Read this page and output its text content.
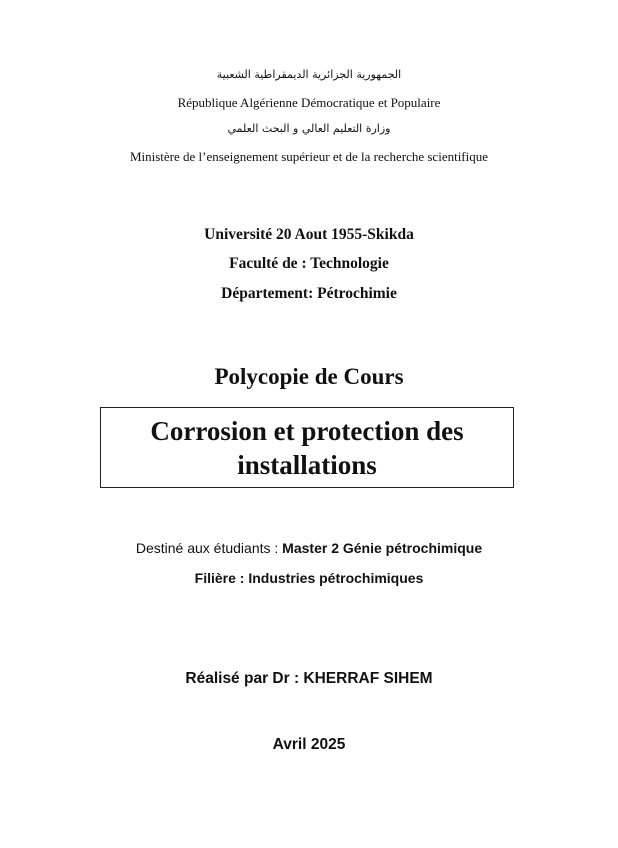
الجمهورية الجزائرية الديمقراطية الشعبية
République Algérienne Démocratique et Populaire
وزارة التعليم العالي و البحث العلمي
Ministère de l’enseignement supérieur et de la recherche scientifique
Université 20 Aout 1955-Skikda
Faculté de : Technologie
Département: Pétrochimie
Polycopie de Cours
Corrosion et protection des installations
Destiné aux étudiants : Master 2 Génie pétrochimique
Filière : Industries pétrochimiques
Réalisé par Dr : KHERRAF SIHEM
Avril 2025
